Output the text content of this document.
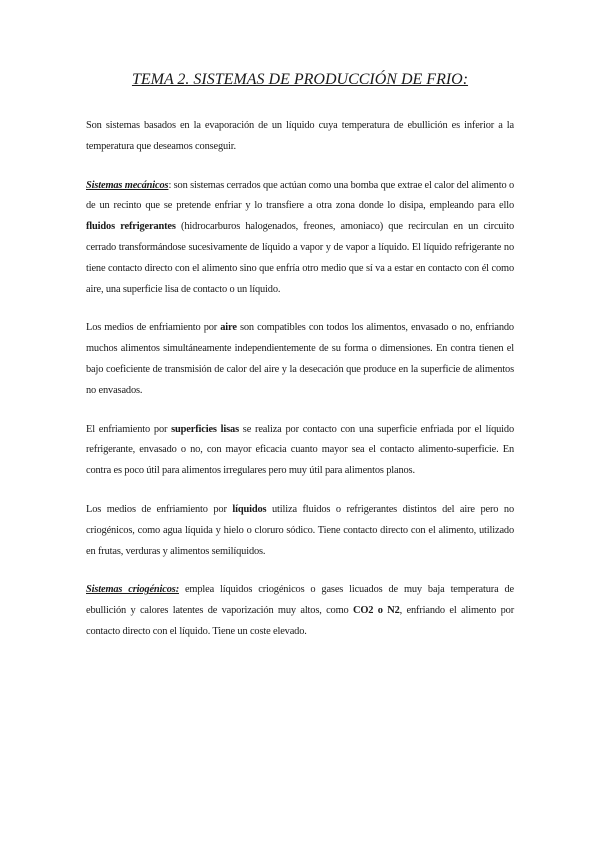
TEMA 2. SISTEMAS DE PRODUCCIÓN DE FRIO:

Son sistemas basados en la evaporación de un líquido cuya temperatura de ebullición es inferior a la temperatura que deseamos conseguir.

Sistemas mecánicos: son sistemas cerrados que actúan como una bomba que extrae el calor del alimento o de un recinto que se pretende enfriar y lo transfiere a otra zona donde lo disipa, empleando para ello fluidos refrigerantes (hidrocarburos halogenados, freones, amoniaco) que recirculan en un circuito cerrado transformándose sucesivamente de líquido a vapor y de vapor a líquido. El líquido refrigerante no tiene contacto directo con el alimento sino que enfría otro medio que sí va a estar en contacto con él como aire, una superficie lisa de contacto o un líquido.

Los medios de enfriamiento por aire son compatibles con todos los alimentos, envasado o no, enfriando muchos alimentos simultáneamente independientemente de su forma o dimensiones. En contra tienen el bajo coeficiente de transmisión de calor del aire y la desecación que produce en la superficie de alimentos no envasados.

El enfriamiento por superficies lisas se realiza por contacto con una superficie enfriada por el líquido refrigerante, envasado o no, con mayor eficacia cuanto mayor sea el contacto alimento-superficie. En contra es poco útil para alimentos irregulares pero muy útil para alimentos planos.

Los medios de enfriamiento por líquidos utiliza fluidos o refrigerantes distintos del aire pero no criogénicos, como agua líquida y hielo o cloruro sódico. Tiene contacto directo con el alimento, utilizado en frutas, verduras y alimentos semilíquidos.

Sistemas criogénicos: emplea líquidos criogénicos o gases licuados de muy baja temperatura de ebullición y calores latentes de vaporización muy altos, como CO2 o N2, enfriando el alimento por contacto directo con el líquido. Tiene un coste elevado.
